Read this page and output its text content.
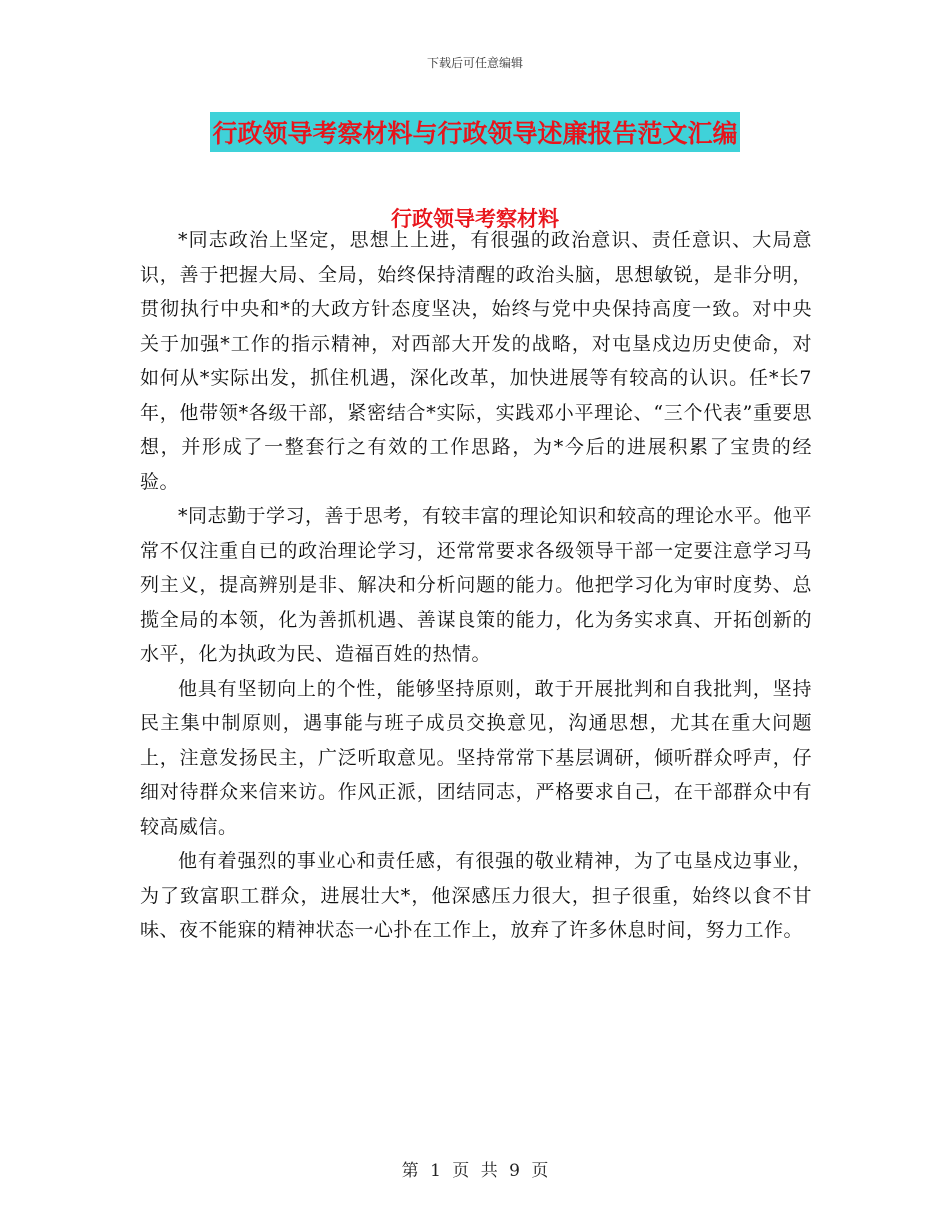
下载后可任意编辑
行政领导考察材料与行政领导述廉报告范文汇编
行政领导考察材料

*同志政治上坚定，思想上上进，有很强的政治意识、责任意识、大局意识，善于把握大局、全局，始终保持清醒的政治头脑，思想敏锐，是非分明，贯彻执行中央和*的大政方针态度坚决，始终与党中央保持高度一致。对中央关于加强*工作的指示精神，对西部大开发的战略，对屯垦戍边历史使命，对如何从*实际出发，抓住机遇，深化改革，加快进展等有较高的认识。任*长7年，他带领*各级干部，紧密结合*实际，实践邓小平理论、“三个代表”重要思想，并形成了一整套行之有效的工作思路，为*今后的进展积累了宝贵的经验。

*同志勤于学习，善于思考，有较丰富的理论知识和较高的理论水平。他平常不仅注重自已的政治理论学习，还常常要求各级领导干部一定要注意学习马列主义，提高辨别是非、解决和分析问题的能力。他把学习化为审时度势、总揽全局的本领，化为善抓机遇、善谋良策的能力，化为务实求真、开拓创新的水平，化为执政为民、造福百姓的热情。

他具有坚韧向上的个性，能够坚持原则，敢于开展批判和自我批判，坚持民主集中制原则，遇事能与班子成员交换意见，沟通思想，尤其在重大问题上，注意发扬民主，广泛听取意见。坚持常常下基层调研，倾听群众呼声，仔细对待群众来信来访。作风正派，团结同志，严格要求自己，在干部群众中有较高威信。

他有着强烈的事业心和责任感，有很强的敬业精神，为了屯垦戍边事业，为了致富职工群众，进展壮大*，他深感压力很大，担子很重，始终以食不甘味、夜不能寐的精神状态一心扑在工作上，放弃了许多休息时间，努力工作。

第 1 页 共 9 页
